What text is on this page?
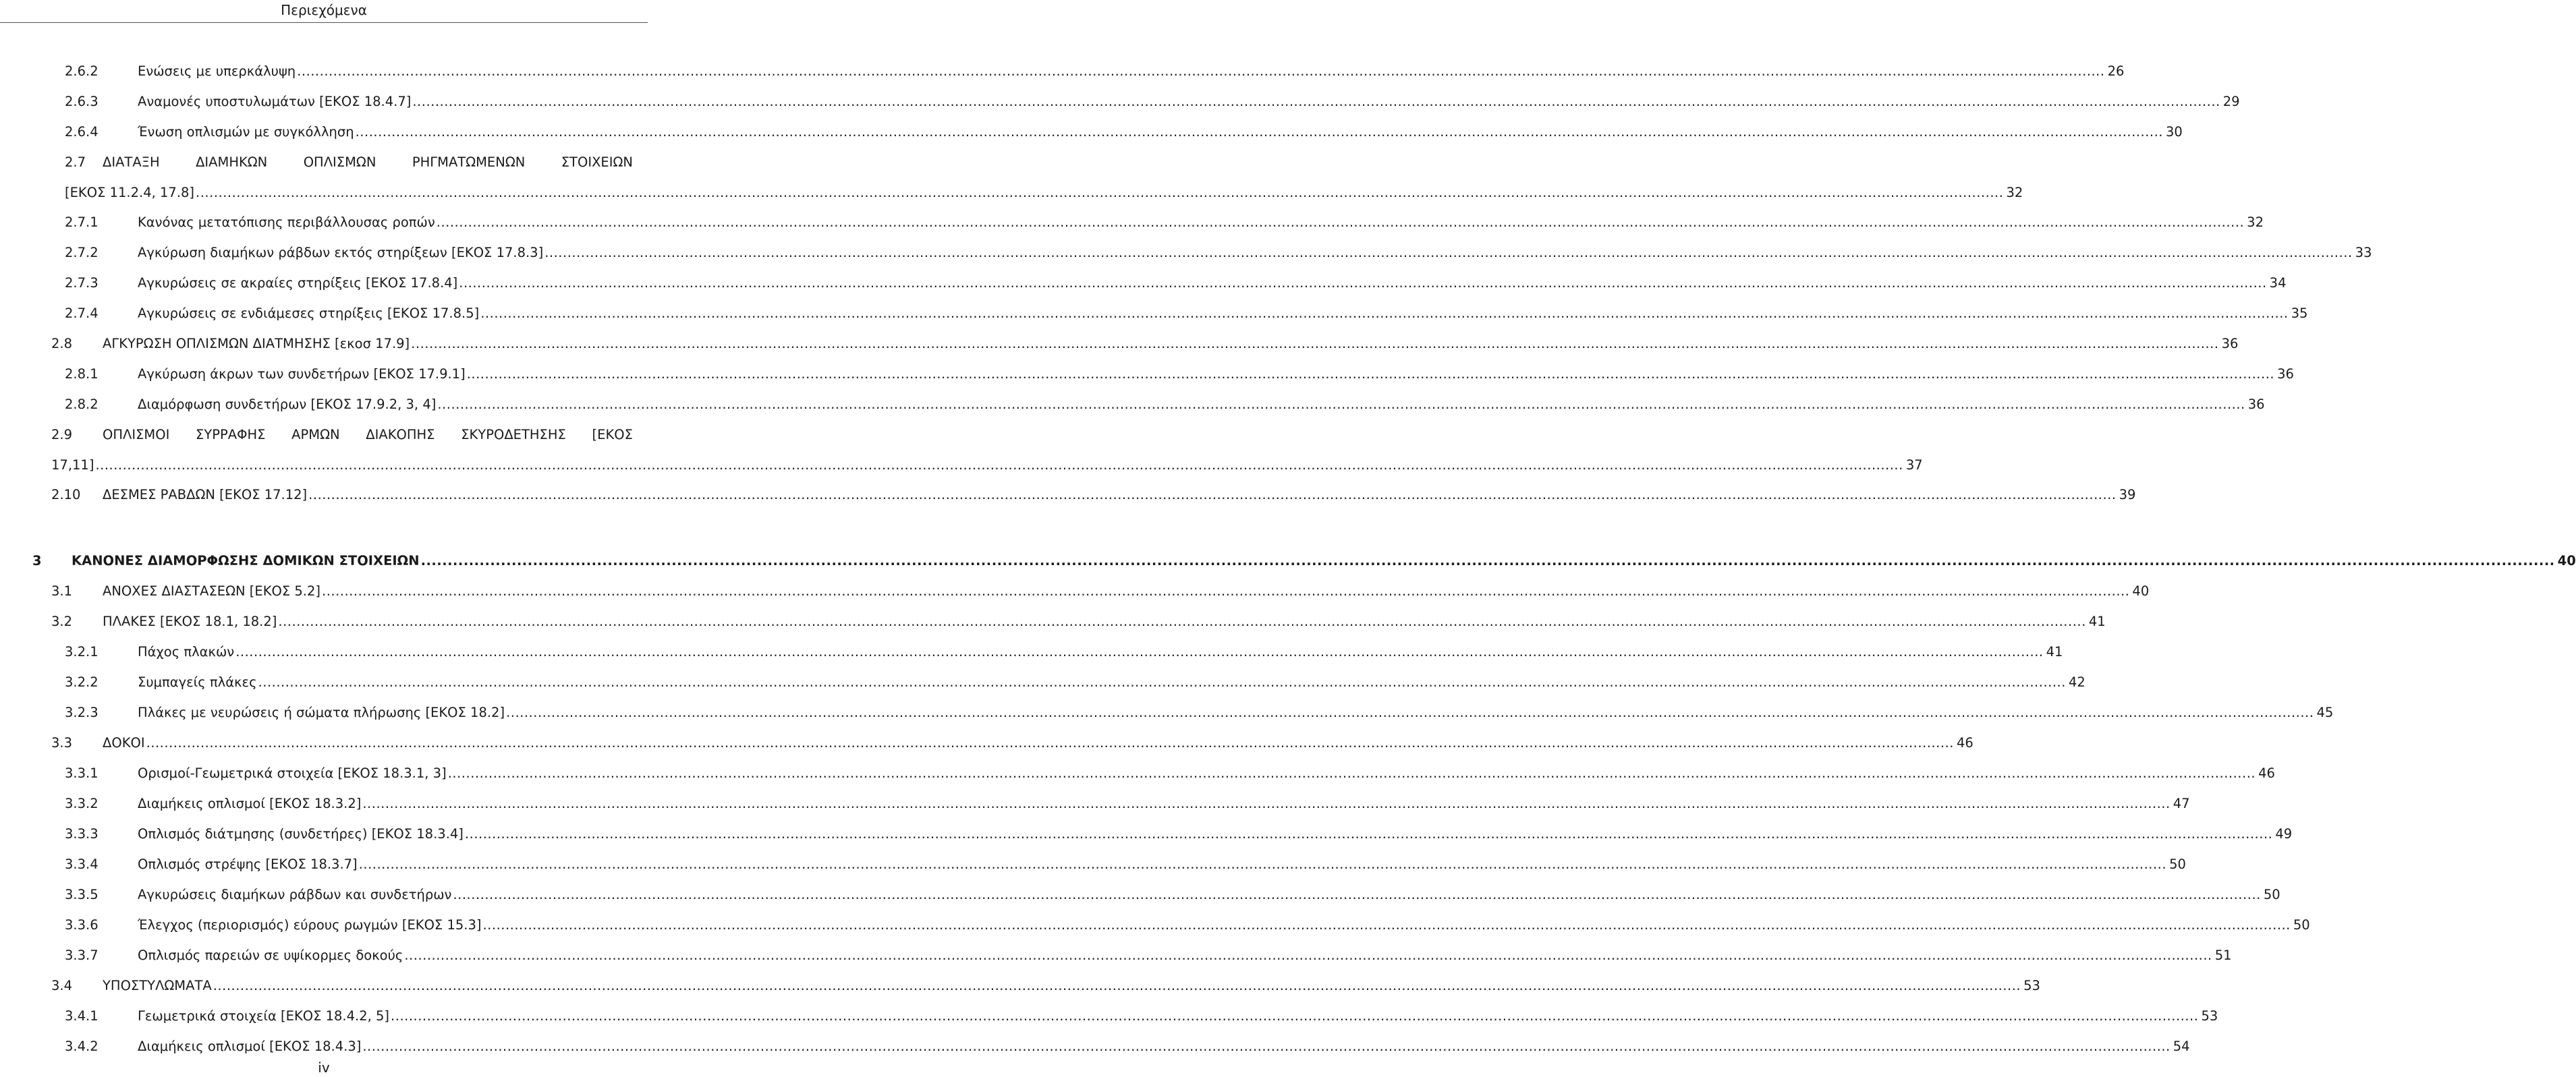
Περιεχόμενα
2.6.2	Ενώσεις με υπερκάλυψη ................................................................................................................................................................................................................................................................................................................................................................................................................ 26
2.6.3	Αναμονές υποστυλωμάτων [ΕΚΟΣ 18.4.7] ................................................................................................................................................................................................................................................................................................................................................................................................................ 29
2.6.4	Ένωση οπλισμών με συγκόλληση ................................................................................................................................................................................................................................................................................................................................................................................................................ 30
2.7 ΔΙΑΤΑΞΗ	ΔΙΑΜΗΚΩΝ	ΟΠΛΙΣΜΩΝ	ΡΗΓΜΑΤΩΜΕΝΩΝ	ΣΤΟΙΧΕΙΩΝ
[ΕΚΟΣ 11.2.4, 17.8] ................................................................................................................................................................................................................................................................................................................................................................................................................ 32
2.7.1	Κανόνας μετατόπισης περιβάλλουσας ροπών ................................................................................................................................................................................................................................................................................................................................................................................................................ 32
2.7.2	Αγκύρωση διαμήκων ράβδων εκτός στηρίξεων [ΕΚΟΣ 17.8.3] ................................................................................................................................................................................................................................................................................................................................................................................................................ 33
2.7.3	Αγκυρώσεις σε ακραίες στηρίξεις [ΕΚΟΣ 17.8.4] ................................................................................................................................................................................................................................................................................................................................................................................................................ 34
2.7.4	Αγκυρώσεις σε ενδιάμεσες στηρίξεις [ΕΚΟΣ 17.8.5] ................................................................................................................................................................................................................................................................................................................................................................................................................ 35
2.8 ΑΓΚΥΡΩΣΗ ΟΠΛΙΣΜΩΝ ΔΙΑΤΜΗΣΗΣ [εκοσ 17.9] ................................................................................................................................................................................................................................................................................................................................................................................................................ 36
2.8.1	Αγκύρωση άκρων των συνδετήρων [ΕΚΟΣ 17.9.1] ................................................................................................................................................................................................................................................................................................................................................................................................................ 36
2.8.2	Διαμόρφωση συνδετήρων [ΕΚΟΣ 17.9.2, 3, 4] ................................................................................................................................................................................................................................................................................................................................................................................................................ 36
2.9 ΟΠΛΙΣΜΟΙ ΣΥΡΡΑΦΗΣ ΑΡΜΩΝ ΔΙΑΚΟΠΗΣ ΣΚΥΡΟΔΕΤΗΣΗΣ [ΕΚΟΣ
17,11] ................................................................................................................................................................................................................................................................................................................................................................................................................ 37
2.10 ΔΕΣΜΕΣ ΡΑΒΔΩΝ [ΕΚΟΣ 17.12] ................................................................................................................................................................................................................................................................................................................................................................................................................ 39
3 ΚΑΝΟΝΕΣ ΔΙΑΜΟΡΦΩΣΗΣ ΔΟΜΙΚΩΝ ΣΤΟΙΧΕΙΩΝ ................................................................................................................................................................................................................................................................................................................................................................................................................ 40
3.1 ΑΝΟΧΕΣ ΔΙΑΣΤΑΣΕΩΝ [ΕΚΟΣ 5.2] ................................................................................................................................................................................................................................................................................................................................................................................................................ 40
3.2 ΠΛΑΚΕΣ [ΕΚΟΣ 18.1, 18.2] ................................................................................................................................................................................................................................................................................................................................................................................................................ 41
3.2.1	Πάχος πλακών ................................................................................................................................................................................................................................................................................................................................................................................................................ 41
3.2.2	Συμπαγείς πλάκες ................................................................................................................................................................................................................................................................................................................................................................................................................ 42
3.2.3	Πλάκες με νευρώσεις ή σώματα πλήρωσης [ΕΚΟΣ 18.2] ................................................................................................................................................................................................................................................................................................................................................................................................................ 45
3.3 ΔΟΚΟΙ ................................................................................................................................................................................................................................................................................................................................................................................................................ 46
3.3.1	Ορισμοί-Γεωμετρικά στοιχεία [ΕΚΟΣ 18.3.1, 3] ................................................................................................................................................................................................................................................................................................................................................................................................................ 46
3.3.2	Διαμήκεις οπλισμοί [ΕΚΟΣ 18.3.2] ................................................................................................................................................................................................................................................................................................................................................................................................................ 47
3.3.3	Οπλισμός διάτμησης (συνδετήρες) [ΕΚΟΣ 18.3.4] ................................................................................................................................................................................................................................................................................................................................................................................................................ 49
3.3.4	Οπλισμός στρέψης [ΕΚΟΣ 18.3.7] ................................................................................................................................................................................................................................................................................................................................................................................................................ 50
3.3.5	Αγκυρώσεις διαμήκων ράβδων και συνδετήρων ................................................................................................................................................................................................................................................................................................................................................................................................................ 50
3.3.6	Έλεγχος (περιορισμός) εύρους ρωγμών [ΕΚΟΣ 15.3] ................................................................................................................................................................................................................................................................................................................................................................................................................ 50
3.3.7	Οπλισμός παρειών σε υψίκορμες δοκούς ................................................................................................................................................................................................................................................................................................................................................................................................................ 51
3.4 ΥΠΟΣΤΥΛΩΜΑΤΑ ................................................................................................................................................................................................................................................................................................................................................................................................................ 53
3.4.1	Γεωμετρικά στοιχεία [ΕΚΟΣ 18.4.2, 5] ................................................................................................................................................................................................................................................................................................................................................................................................................ 53
3.4.2	Διαμήκεις οπλισμοί [ΕΚΟΣ 18.4.3] ................................................................................................................................................................................................................................................................................................................................................................................................................ 54
iv
